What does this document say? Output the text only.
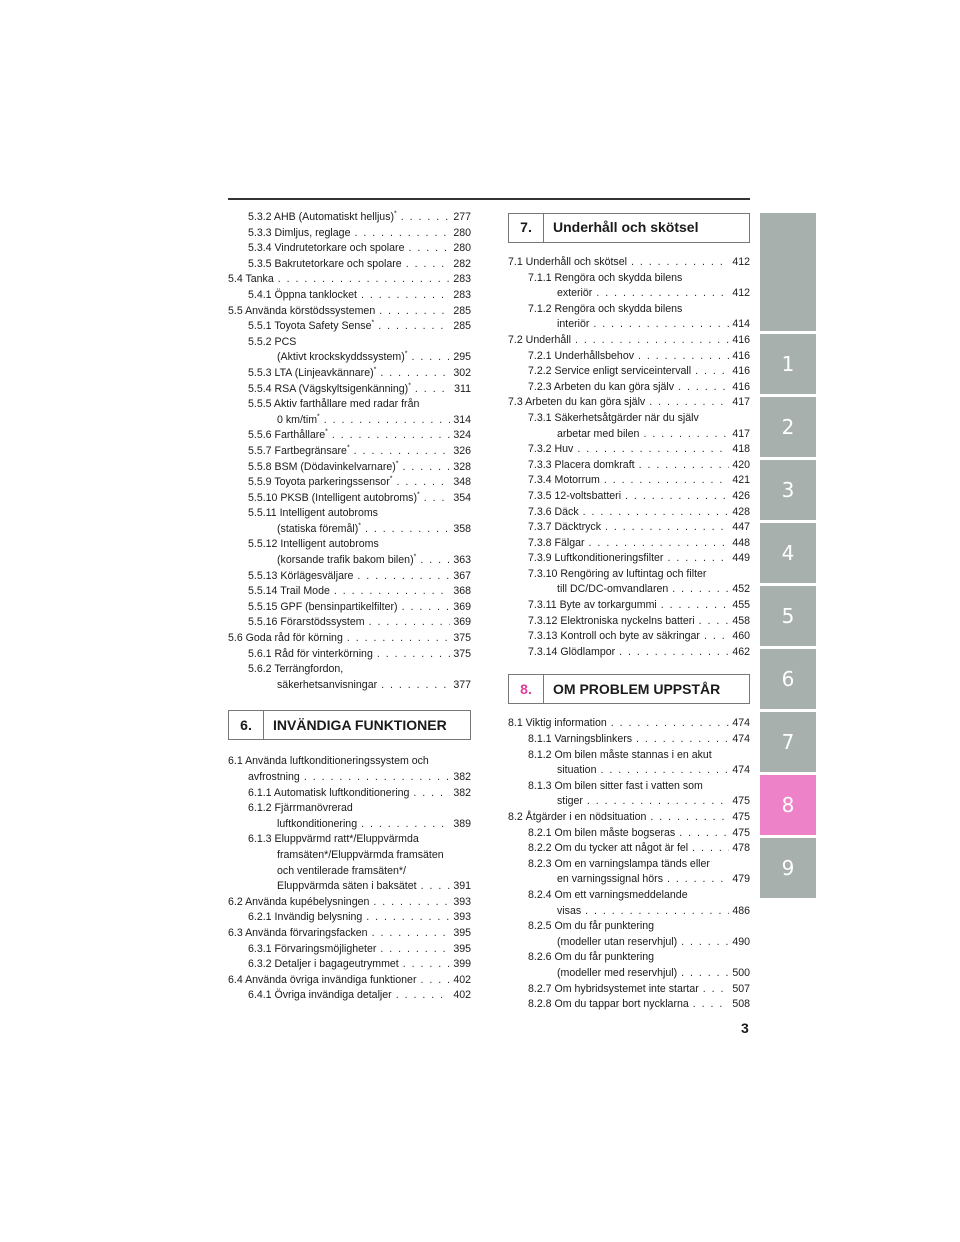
5.3.2 AHB (Automatiskt helljus)* . . .	277
5.3.3 Dimljus, reglage . . .	280
5.3.4 Vindrutetorkare och spolare . . .	280
5.3.5 Bakrutetorkare och spolare . . .	282
5.4 Tanka . . .	283
5.4.1 Öppna tanklocket . . .	283
5.5 Använda körstödssystemen . . .	285
5.5.1 Toyota Safety Sense* . . .	285
5.5.2 PCS
(Aktivt krockskyddssystem)* . . .	295
5.5.3 LTA (Linjeavkännare)* . . .	302
5.5.4 RSA (Vägskyltsigenkänning)* . . .	311
5.5.5 Aktiv farthållare med radar från
0 km/tim* . . .	314
5.5.6 Farthållare* . . .	324
5.5.7 Fartbegränsare* . . .	326
5.5.8 BSM (Dödavinkelvarnare)* . . .	328
5.5.9 Toyota parkeringssensor* . . .	348
5.5.10 PKSB (Intelligent autobroms)* . . .	354
5.5.11 Intelligent autobroms
(statiska föremål)* . . .	358
5.5.12 Intelligent autobroms
(korsande trafik bakom bilen)* . . .	363
5.5.13 Körlägesväljare . . .	367
5.5.14 Trail Mode . . .	368
5.5.15 GPF (bensinpartikelfilter) . . .	369
5.5.16 Förarstödssystem . . .	369
5.6 Goda råd för körning . . .	375
5.6.1 Råd för vinterkörning . . .	375
5.6.2 Terrängfordon,
säkerhetsanvisningar . . .	377
6.	INVÄNDIGA FUNKTIONER
6.1 Använda luftkonditioneringssystem och
avfrostning . . .	382
6.1.1 Automatisk luftkonditionering . . .	382
6.1.2 Fjärrmanövrerad
luftkonditionering . . .	389
6.1.3 Eluppvärmd ratt*/Eluppvärmda
framsäten*/Eluppvärmda framsäten
och ventilerade framsäten*/
Eluppvärmda säten i baksätet . . .	391
6.2 Använda kupébelysningen . . .	393
6.2.1 Invändig belysning . . .	393
6.3 Använda förvaringsfacken . . .	395
6.3.1 Förvaringsmöjligheter . . .	395
6.3.2 Detaljer i bagageutrymmet . . .	399
6.4 Använda övriga invändiga funktioner . . .	402
6.4.1 Övriga invändiga detaljer . . .	402
7.	Underhåll och skötsel
7.1 Underhåll och skötsel . . .	412
7.1.1 Rengöra och skydda bilens
exteriör . . .	412
7.1.2 Rengöra och skydda bilens
interiör . . .	414
7.2 Underhåll . . .	416
7.2.1 Underhållsbehov . . .	416
7.2.2 Service enligt serviceintervall . . .	416
7.2.3 Arbeten du kan göra själv . . .	416
7.3 Arbeten du kan göra själv . . .	417
7.3.1 Säkerhetsåtgärder när du själv
arbetar med bilen . . .	417
7.3.2 Huv . . .	418
7.3.3 Placera domkraft . . .	420
7.3.4 Motorrum . . .	421
7.3.5 12-voltsbatteri . . .	426
7.3.6 Däck . . .	428
7.3.7 Däcktryck . . .	447
7.3.8 Fälgar . . .	448
7.3.9 Luftkonditioneringsfilter . . .	449
7.3.10 Rengöring av luftintag och filter
till DC/DC-omvandlaren . . .	452
7.3.11 Byte av torkargummi . . .	455
7.3.12 Elektroniska nyckelns batteri . . .	458
7.3.13 Kontroll och byte av säkringar . . .	460
7.3.14 Glödlampor . . .	462
8.	OM PROBLEM UPPSTÅR
8.1 Viktig information . . .	474
8.1.1 Varningsblinkers . . .	474
8.1.2 Om bilen måste stannas i en akut
situation . . .	474
8.1.3 Om bilen sitter fast i vatten som
stiger . . .	475
8.2 Åtgärder i en nödsituation . . .	475
8.2.1 Om bilen måste bogseras . . .	475
8.2.2 Om du tycker att något är fel . . .	478
8.2.3 Om en varningslampa tänds eller
en varningssignal hörs . . .	479
8.2.4 Om ett varningsmeddelande
visas . . .	486
8.2.5 Om du får punktering
(modeller utan reservhjul) . . .	490
8.2.6 Om du får punktering
(modeller med reservhjul) . . .	500
8.2.7 Om hybridsystemet inte startar . . .	507
8.2.8 Om du tappar bort nycklarna . . .	508
1
2
3
4
5
6
7
8
9
3
